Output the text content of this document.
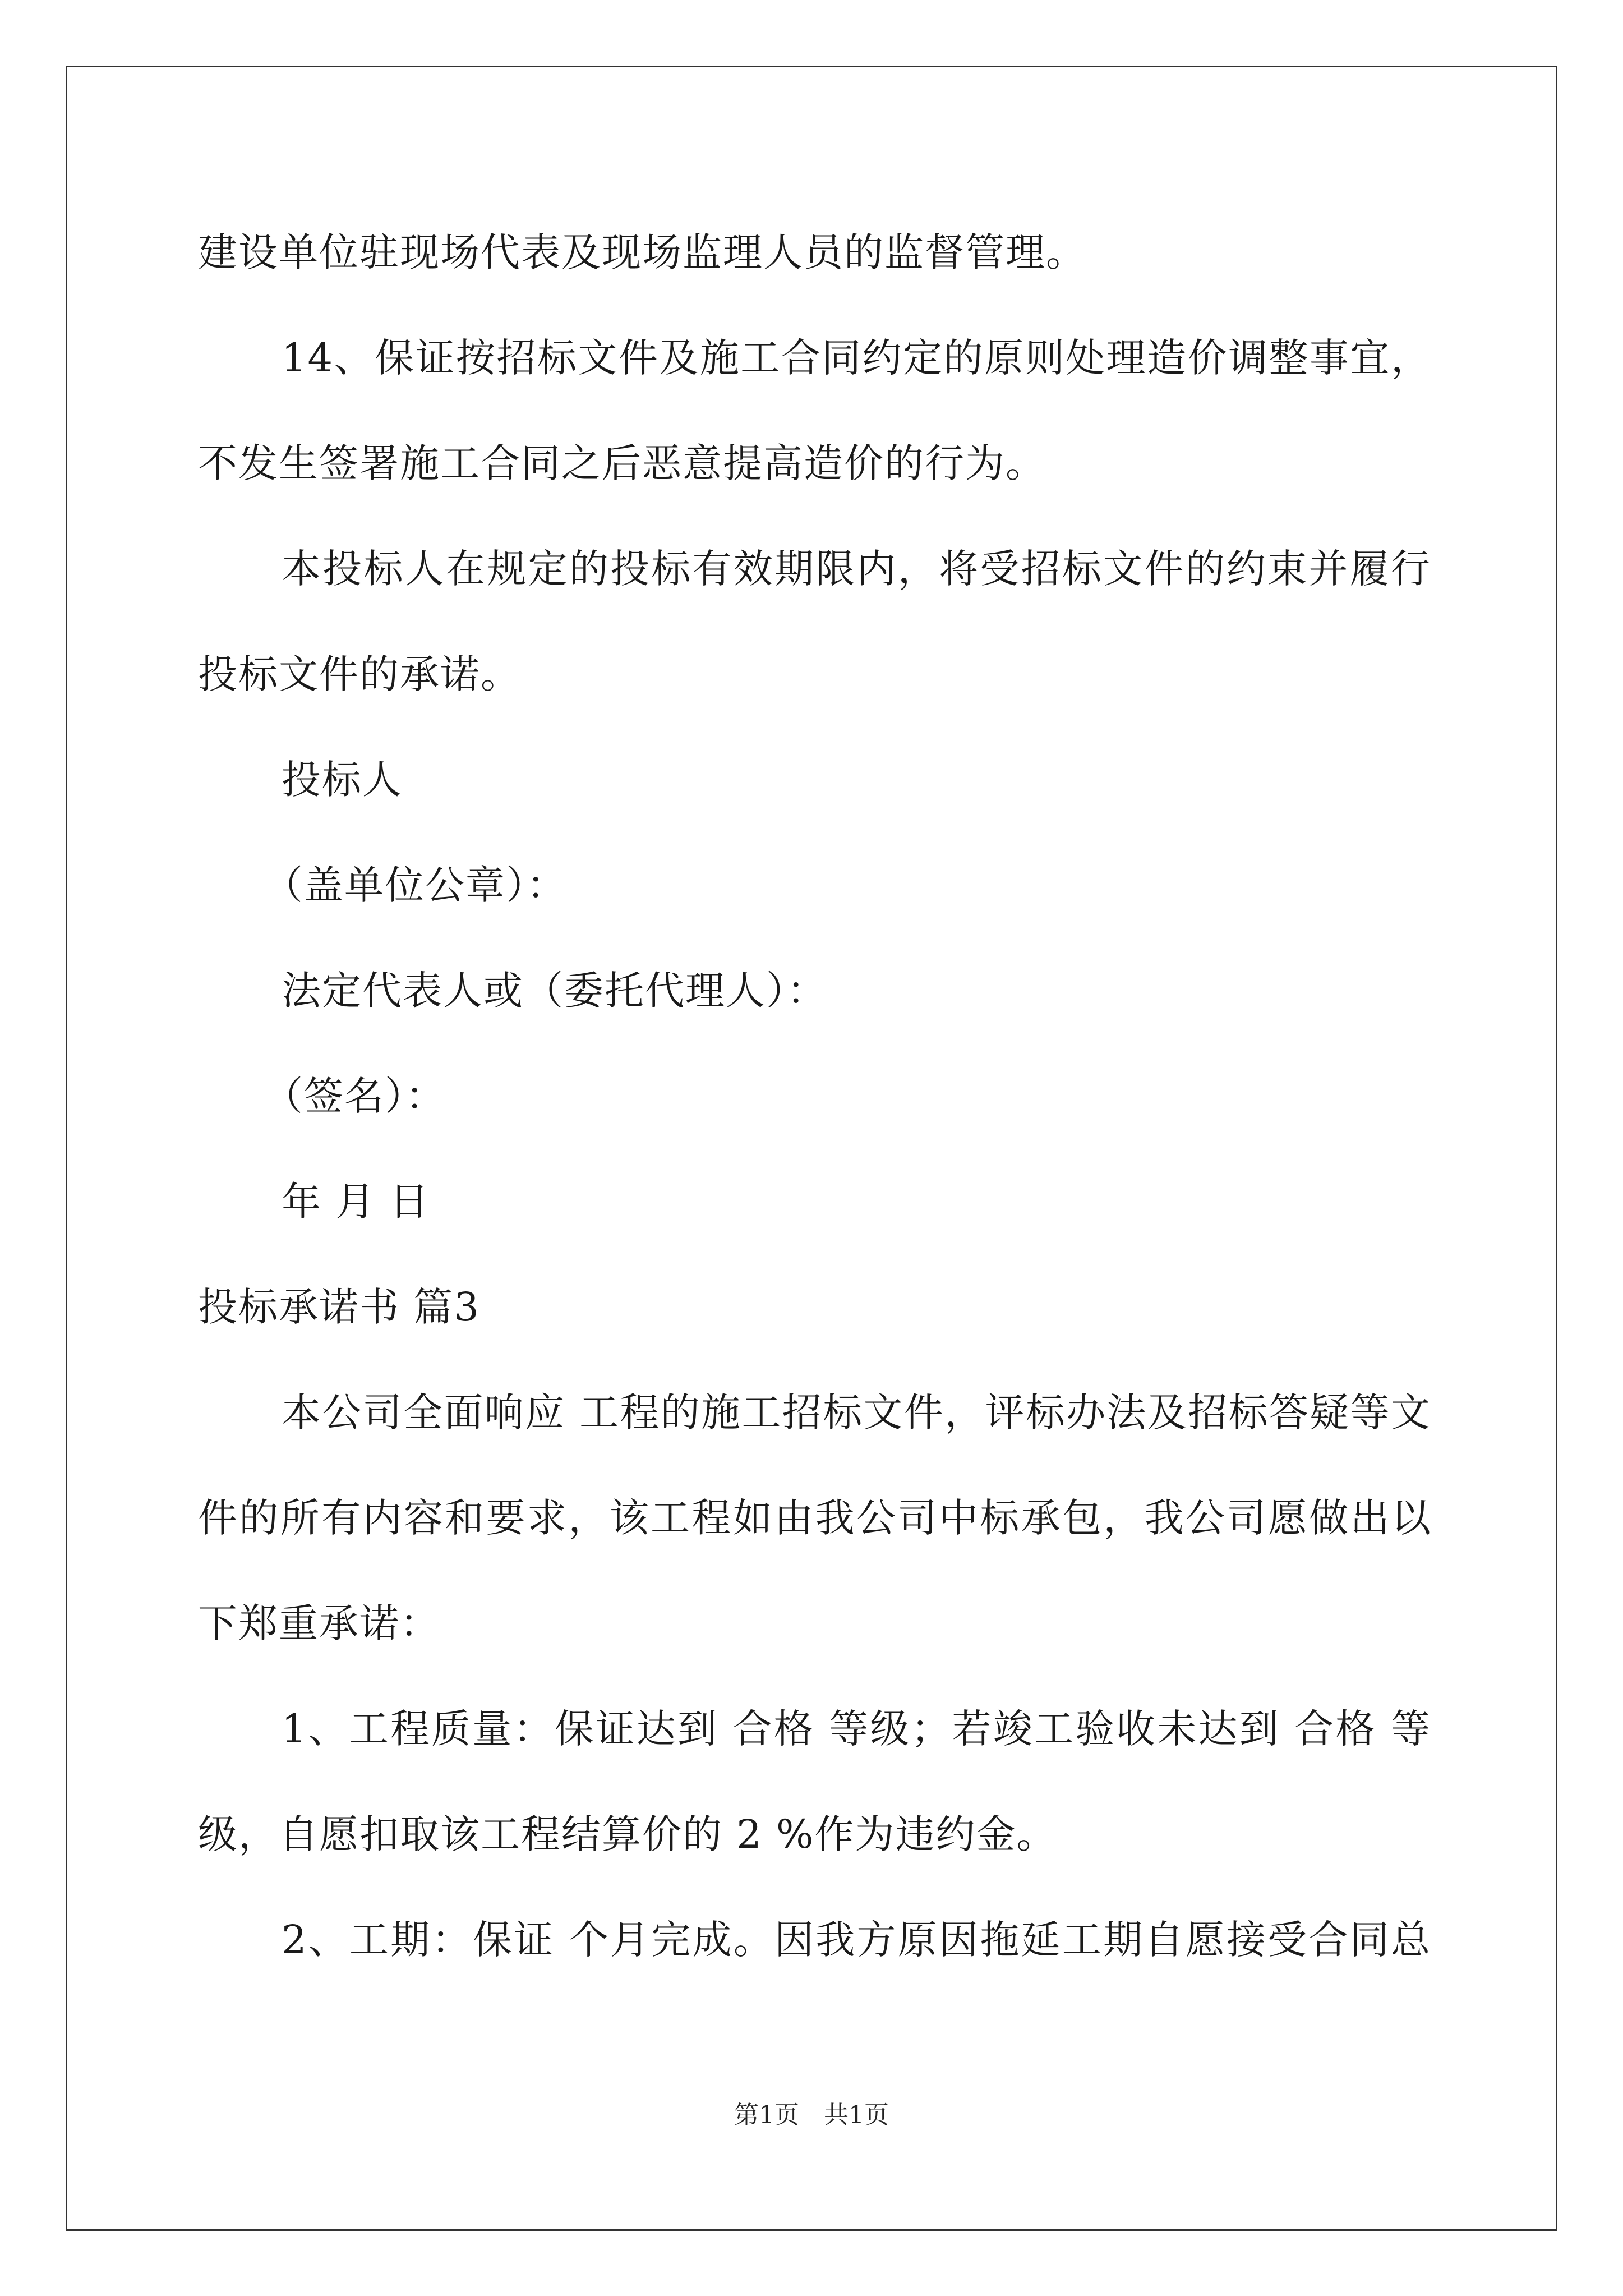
建设单位驻现场代表及现场监理人员的监督管理。
14、保证按招标文件及施工合同约定的原则处理造价调整事宜，
不发生签署施工合同之后恶意提高造价的行为。
本投标人在规定的投标有效期限内，将受招标文件的约束并履行
投标文件的承诺。
投标人
（盖单位公章）：
法定代表人或（委托代理人）：
（签名）：
年 月 日
投标承诺书 篇3
本公司全面响应 工程的施工招标文件，评标办法及招标答疑等文
件的所有内容和要求，该工程如由我公司中标承包，我公司愿做出以
下郑重承诺：
1、工程质量：保证达到 合格 等级；若竣工验收未达到 合格 等
级，自愿扣取该工程结算价的 2 %作为违约金。
2、工期：保证 个月完成。因我方原因拖延工期自愿接受合同总
第1页　共1页
